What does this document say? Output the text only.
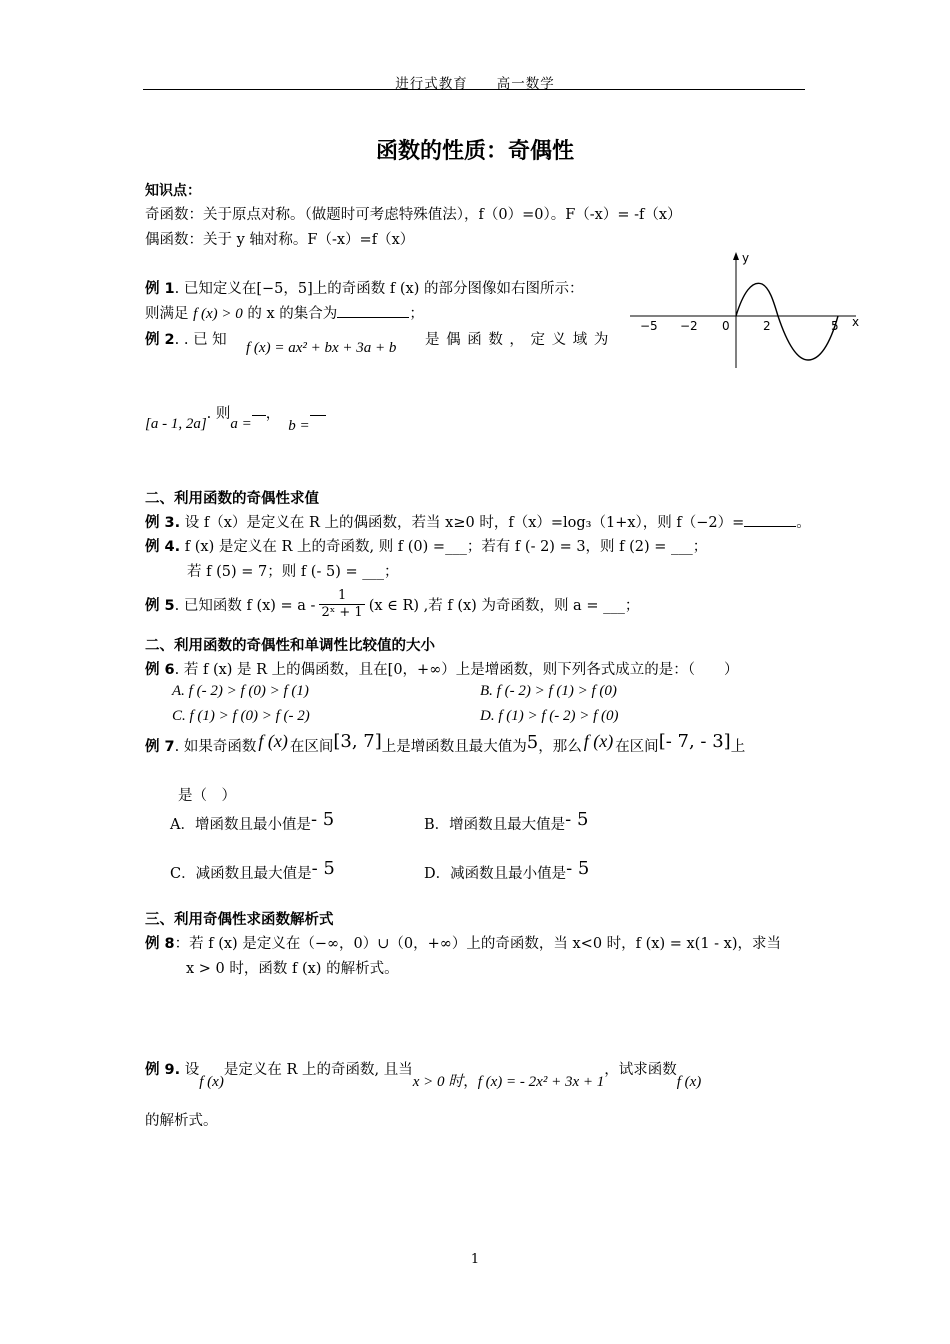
进行式教育　　高一数学
函数的性质：奇偶性
知识点：
奇函数：关于原点对称。（做题时可考虑特殊值法），f（0）=0）。F（-x）= -f（x）
偶函数：关于 y 轴对称。F（-x）=f（x）
例 1. 已知定义在[−5，5]上的奇函数 f (x) 的部分图像如右图所示：
则满足 f (x) > 0 的 x 的集合为	；
y
x
−5 −2 0	2	5
例 2. . 已 知 f (x) = ax² + bx + 3a + b 是 偶 函 数 ， 定 义 域 为
[a - 1, 2a]. 则a =，b =
二、利用函数的奇偶性求值
例 3. 设 f（x）是定义在 R 上的偶函数，若当 x≥0 时，f（x）=log₃（1+x），则 f（−2）=	。
例 4. f (x) 是定义在 R 上的奇函数, 则 f (0) =___；若有 f (- 2) = 3，则 f (2) = ___；
若 f (5) = 7；则 f (- 5) = ___；
例 5 . 已知函数 f $(x) = a - \frac{1}{\text{2ˣ + 1}} (x$ ∈ R) ,若 f (x) 为奇函数，则 a = ___；
二、利用函数的奇偶性和单调性比较值的大小
例 6. 若 f (x) 是 R 上的偶函数，且在[0，+∞）上是增函数，则下列各式成立的是：（　　）
A. f (- 2) > f (0) > f (1)	B. f (- 2) > f (1) > f (0)
C. f (1) > f (0) > f (- 2)	D. f (1) > f (- 2) > f (0)
例 7. 如果奇函数 f (x) 在区间[3, 7]上是增函数且最大值为5，那么 f (x) 在区间[- 7, - 3]上
是（　）
A．增函数且最小值是- 5	B．增函数且最大值是- 5
C．减函数且最大值是- 5	D．减函数且最小值是- 5
三、利用奇偶性求函数解析式
例 8：若 f (x) 是定义在（−∞，0）∪（0，+∞）上的奇函数，当 x<0 时，f (x) = x(1 - x)，求当
x > 0 时，函数 f (x) 的解析式。
例 9. 设f (x)是定义在 R 上的奇函数, 且当x > 0 时，f (x) = - 2x² + 3x + 1，试求函数f (x)
的解析式。
1
